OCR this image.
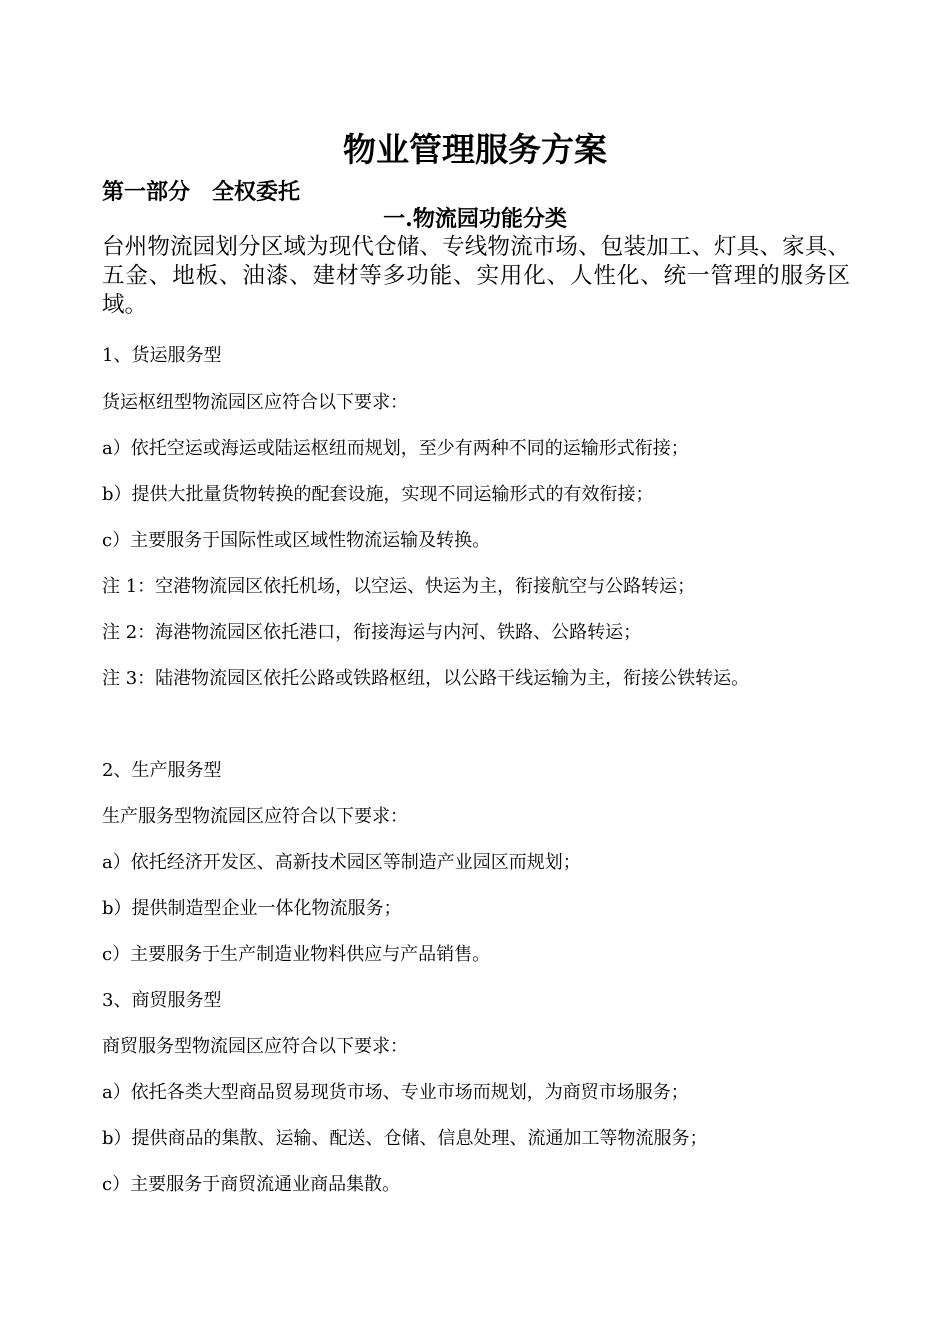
物业管理服务方案
第一部分　全权委托
一.物流园功能分类
台州物流园划分区域为现代仓储、专线物流市场、包装加工、灯具、家具、五金、地板、油漆、建材等多功能、实用化、人性化、统一管理的服务区域。
1、货运服务型
货运枢纽型物流园区应符合以下要求：
a）依托空运或海运或陆运枢纽而规划，至少有两种不同的运输形式衔接；
b）提供大批量货物转换的配套设施，实现不同运输形式的有效衔接；
c）主要服务于国际性或区域性物流运输及转换。
注 1：空港物流园区依托机场，以空运、快运为主，衔接航空与公路转运；
注 2：海港物流园区依托港口，衔接海运与内河、铁路、公路转运；
注 3：陆港物流园区依托公路或铁路枢纽，以公路干线运输为主，衔接公铁转运。
2、生产服务型
生产服务型物流园区应符合以下要求：
a）依托经济开发区、高新技术园区等制造产业园区而规划；
b）提供制造型企业一体化物流服务；
c）主要服务于生产制造业物料供应与产品销售。
3、商贸服务型
商贸服务型物流园区应符合以下要求：
a）依托各类大型商品贸易现货市场、专业市场而规划，为商贸市场服务；
b）提供商品的集散、运输、配送、仓储、信息处理、流通加工等物流服务；
c）主要服务于商贸流通业商品集散。
